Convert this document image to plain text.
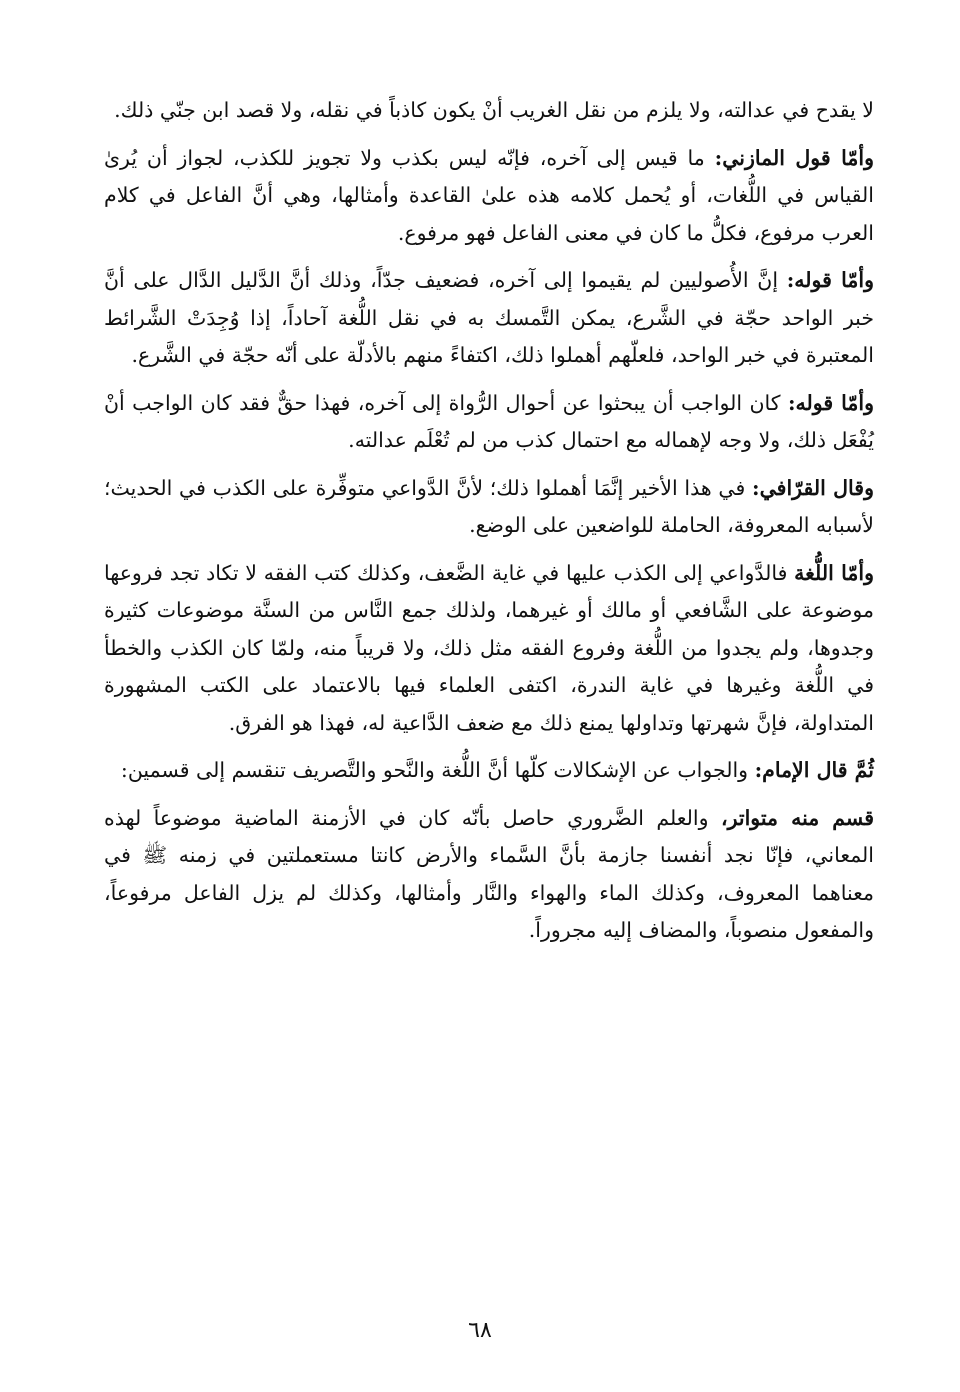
لا يقدح في عدالته، ولا يلزم من نقل الغريب أنْ يكون كاذباً في نقله، ولا قصد ابن جنّي ذلك.

وأمّا قول المازني: ما قيس إلى آخره، فإنّه ليس بكذب ولا تجويز للكذب، لجواز أن يُرىٰ القياس في اللُّغات، أو يُحمل كلامه هذه علىٰ القاعدة وأمثالها، وهي أنَّ الفاعل في كلام العرب مرفوع، فكلُّ ما كان في معنى الفاعل فهو مرفوع.

وأمّا قوله: إنَّ الأُصوليين لم يقيموا إلى آخره، فضعيف جدّاً، وذلك أنَّ الدَّليل الدَّال على أنَّ خبر الواحد حجّة في الشَّرع، يمكن التَّمسك به في نقل اللُّغة آحاداً، إذا وُجِدَتْ الشَّرائط المعتبرة في خبر الواحد، فلعلّهم أهملوا ذلك، اكتفاءً منهم بالأدلّة على أنّه حجّة في الشَّرع.

وأمّا قوله: كان الواجب أن يبحثوا عن أحوال الرُّواة إلى آخره، فهذا حقٌّ فقد كان الواجب أنْ يُفْعَل ذلك، ولا وجه لإهماله مع احتمال كذب من لم تُعْلَم عدالته.

وقال القرّافي: في هذا الأخير إنَّمَا أهملوا ذلك؛ لأنَّ الدَّواعي متوفِّرة على الكذب في الحديث؛ لأسبابه المعروفة، الحاملة للواضعين على الوضع.

وأمّا اللُّغة فالدَّواعي إلى الكذب عليها في غاية الضَّعف، وكذلك كتب الفقه لا تكاد تجد فروعها موضوعة على الشَّافعي أو مالك أو غيرهما، ولذلك جمع النَّاس من السنَّة موضوعات كثيرة وجدوها، ولم يجدوا من اللُّغة وفروع الفقه مثل ذلك، ولا قريباً منه، ولمّا كان الكذب والخطأ في اللُّغة وغيرها في غاية الندرة، اكتفى العلماء فيها بالاعتماد على الكتب المشهورة المتداولة، فإنَّ شهرتها وتداولها يمنع ذلك مع ضعف الدَّاعية له، فهذا هو الفرق.

ثُمَّ قال الإمام: والجواب عن الإشكالات كلّها أنَّ اللُّغة والنَّحو والتَّصريف تنقسم إلى قسمين:

قسم منه متواتر، والعلم الضَّروري حاصل بأنّه كان في الأزمنة الماضية موضوعاً لهذه المعاني، فإنّا نجد أنفسنا جازمة بأنَّ السَّماء والأرض كانتا مستعملتين في زمنه ﷺ في معناهما المعروف، وكذلك الماء والهواء والنَّار وأمثالها، وكذلك لم يزل الفاعل مرفوعاً، والمفعول منصوباً، والمضاف إليه مجروراً.

٦٨
